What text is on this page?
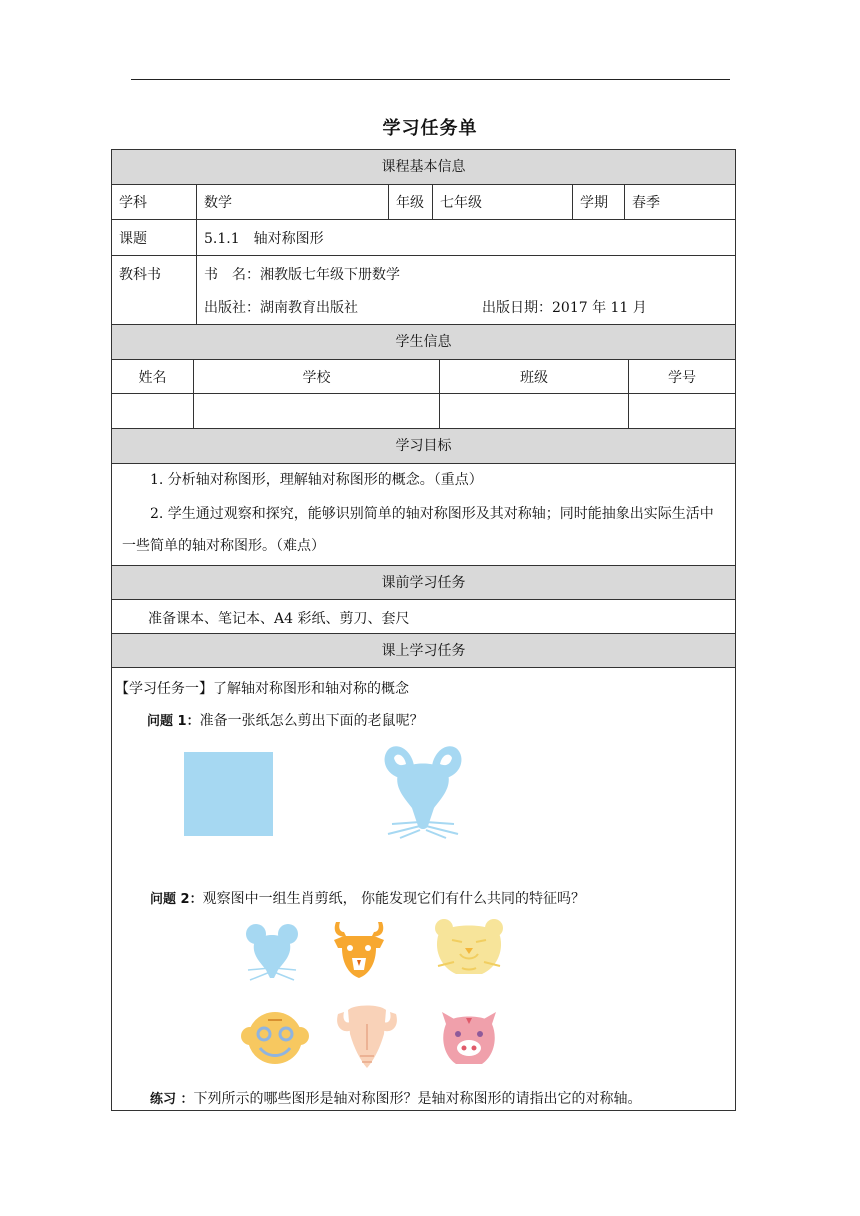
学习任务单
课程基本信息
学科	数学	年级	七年级	学期	春季
课题	5.1.1　轴对称图形
教科书	书　名：湘教版七年级下册数学
出版社：湖南教育出版社	出版日期：2017 年 11 月
学生信息
姓名	学校	班级	学号
学习目标
1. 分析轴对称图形，理解轴对称图形的概念。（重点）
2. 学生通过观察和探究，能够识别简单的轴对称图形及其对称轴；同时能抽象出实际生活中一些简单的轴对称图形。（难点）
课前学习任务
准备课本、笔记本、A4 彩纸、剪刀、套尺
课上学习任务
【学习任务一】了解轴对称图形和轴对称的概念
问题 1：准备一张纸怎么剪出下面的老鼠呢？
问题 2：观察图中一组生肖剪纸， 你能发现它们有什么共同的特征吗？
练习 ：下列所示的哪些图形是轴对称图形？是轴对称图形的请指出它的对称轴。
